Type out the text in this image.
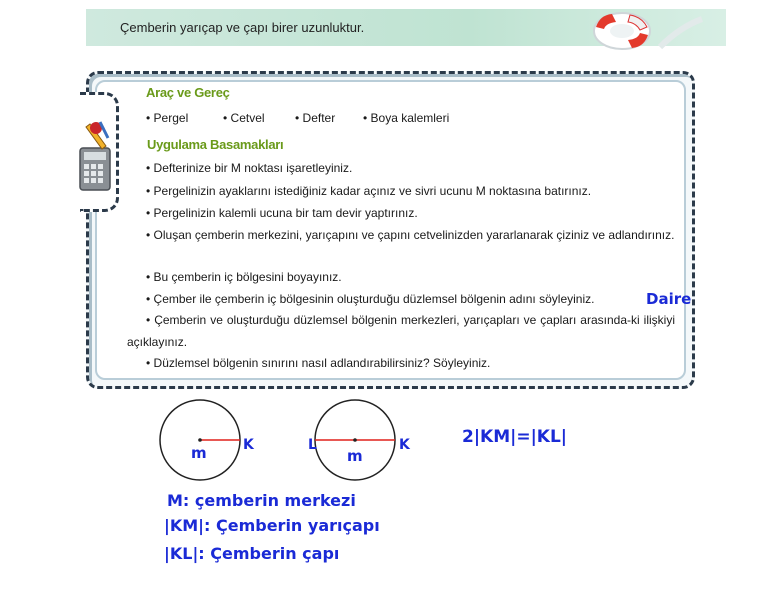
Çemberin yarıçap ve çapı birer uzunluktur.
Araç ve Gereç
• Pergel	• Cetvel	• Defter • Boya kalemleri
Uygulama Basamakları
• Defterinize bir M noktası işaretleyiniz.
• Pergelinizin ayaklarını istediğiniz kadar açınız ve sivri ucunu M noktasına batırınız.
• Pergelinizin kalemli ucuna bir tam devir yaptırınız.
• Oluşan çemberin merkezini, yarıçapını ve çapını cetvelinizden yararlanarak çiziniz ve adlandırınız.
• Bu çemberin iç bölgesini boyayınız.
• Çember ile çemberin iç bölgesinin oluşturduğu düzlemsel bölgenin adını söyleyiniz.
• Çemberin ve oluşturduğu düzlemsel bölgenin merkezleri, yarıçapları ve çapları arasında-ki ilişkiyi açıklayınız.
• Düzlemsel bölgenin sınırını nasıl adlandırabilirsiniz? Söyleyiniz.
Daire
m	K	L
m
K	2|KM|=|KL|
M: çemberin merkezi
|KM|: Çemberin yarıçapı
|KL|: Çemberin çapı
